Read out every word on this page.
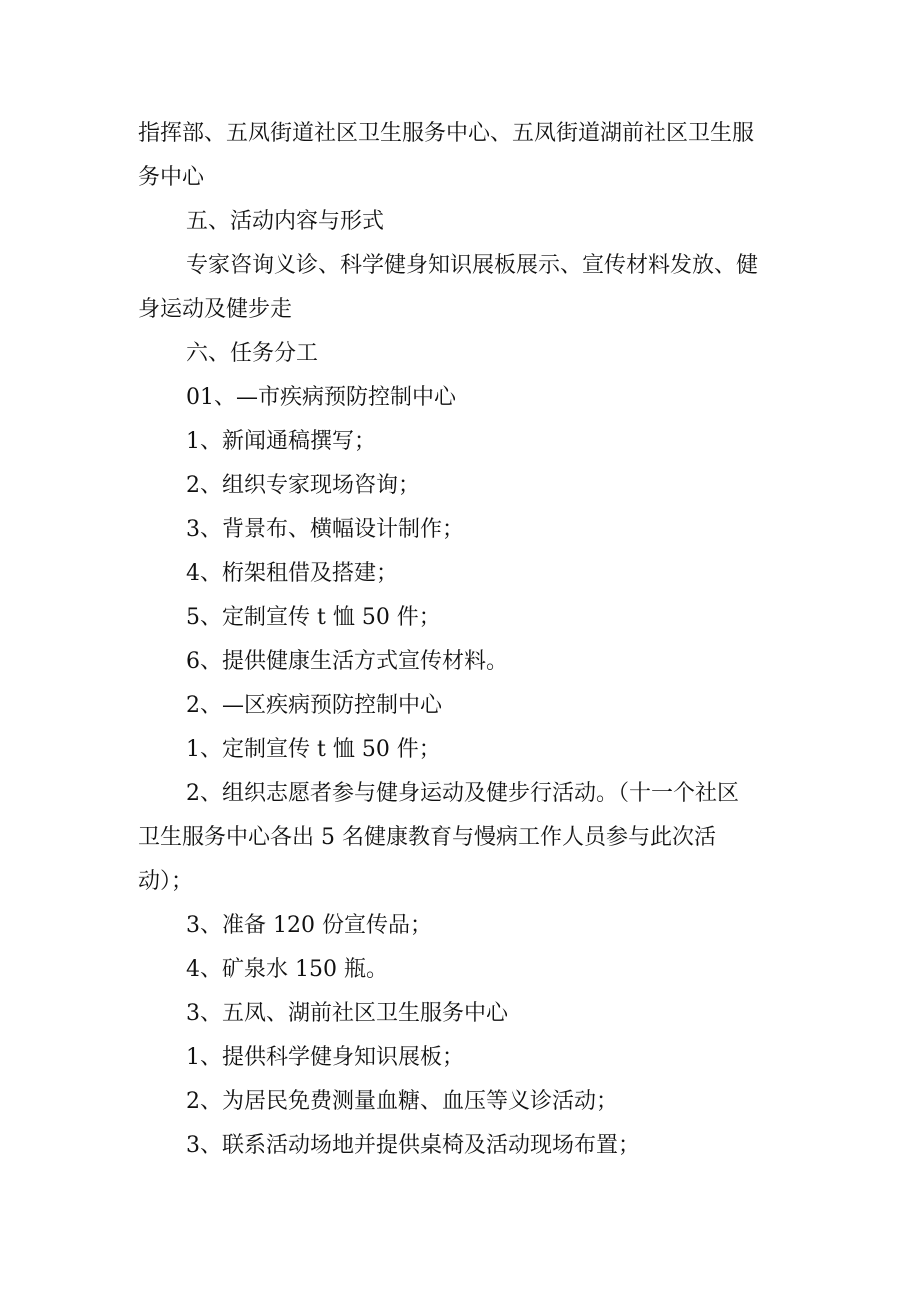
指挥部、五凤街道社区卫生服务中心、五凤街道湖前社区卫生服
务中心
五、活动内容与形式
专家咨询义诊、科学健身知识展板展示、宣传材料发放、健
身运动及健步走
六、任务分工
01、—市疾病预防控制中心
1、新闻通稿撰写；
2、组织专家现场咨询；
3、背景布、横幅设计制作；
4、桁架租借及搭建；
5、定制宣传 t 恤 50 件；
6、提供健康生活方式宣传材料。
2、—区疾病预防控制中心
1、定制宣传 t 恤 50 件；
2、组织志愿者参与健身运动及健步行活动。（十一个社区
卫生服务中心各出 5 名健康教育与慢病工作人员参与此次活
动）；
3、准备 120 份宣传品；
4、矿泉水 150 瓶。
3、五凤、湖前社区卫生服务中心
1、提供科学健身知识展板；
2、为居民免费测量血糖、血压等义诊活动；
3、联系活动场地并提供桌椅及活动现场布置；
